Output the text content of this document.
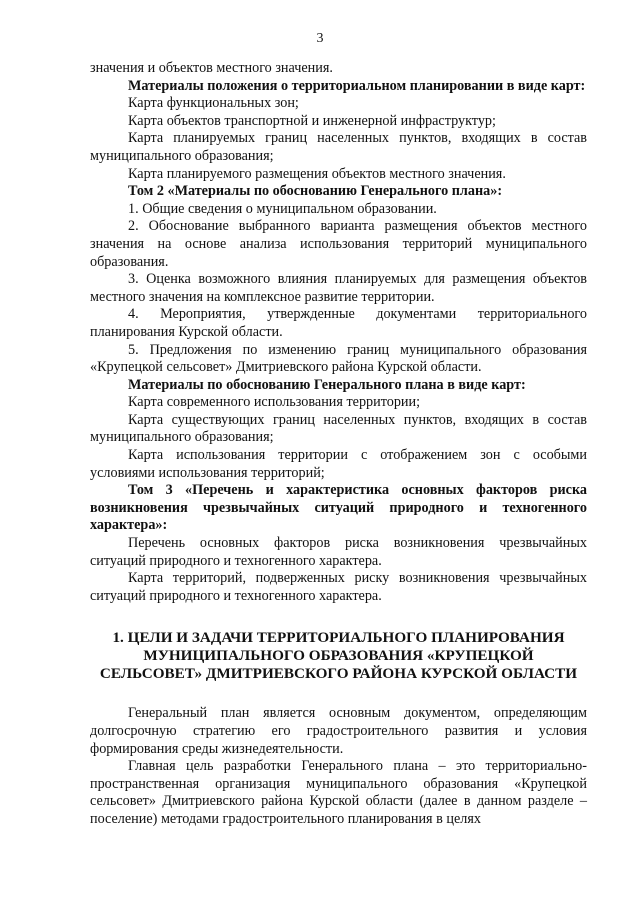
3

значения и объектов местного значения.

Материалы положения о территориальном планировании в виде карт:

Карта функциональных зон;

Карта объектов транспортной и инженерной инфраструктур;

Карта планируемых границ населенных пунктов, входящих в состав муниципального образования;

Карта планируемого размещения объектов местного значения.

Том 2 «Материалы по обоснованию Генерального плана»:

1. Общие сведения о муниципальном образовании.

2. Обоснование выбранного варианта размещения объектов местного значения на основе анализа использования территорий муниципального образования.

3. Оценка возможного влияния планируемых для размещения объектов местного значения на комплексное развитие территории.

4. Мероприятия, утвержденные документами территориального планирования Курской области.

5. Предложения по изменению границ муниципального образования «Крупецкой сельсовет» Дмитриевского района Курской области.

Материалы по обоснованию Генерального плана в виде карт:

Карта современного использования территории;

Карта существующих границ населенных пунктов, входящих в состав муниципального образования;

Карта использования территории с отображением зон с особыми условиями использования территорий;

Том 3 «Перечень и характеристика основных факторов риска возникновения чрезвычайных ситуаций природного и техногенного характера»:

Перечень основных факторов риска возникновения чрезвычайных ситуаций природного и техногенного характера.

Карта территорий, подверженных риску возникновения чрезвычайных ситуаций природного и техногенного характера.

1. ЦЕЛИ И ЗАДАЧИ ТЕРРИТОРИАЛЬНОГО ПЛАНИРОВАНИЯ
МУНИЦИПАЛЬНОГО ОБРАЗОВАНИЯ «КРУПЕЦКОЙ
СЕЛЬСОВЕТ» ДМИТРИЕВСКОГО РАЙОНА КУРСКОЙ ОБЛАСТИ

Генеральный план является основным документом, определяющим долгосрочную стратегию его градостроительного развития и условия формирования среды жизнедеятельности.

Главная цель разработки Генерального плана – это территориально-пространственная организация муниципального образования «Крупецкой сельсовет» Дмитриевского района Курской области (далее в данном разделе – поселение) методами градостроительного планирования в целях
